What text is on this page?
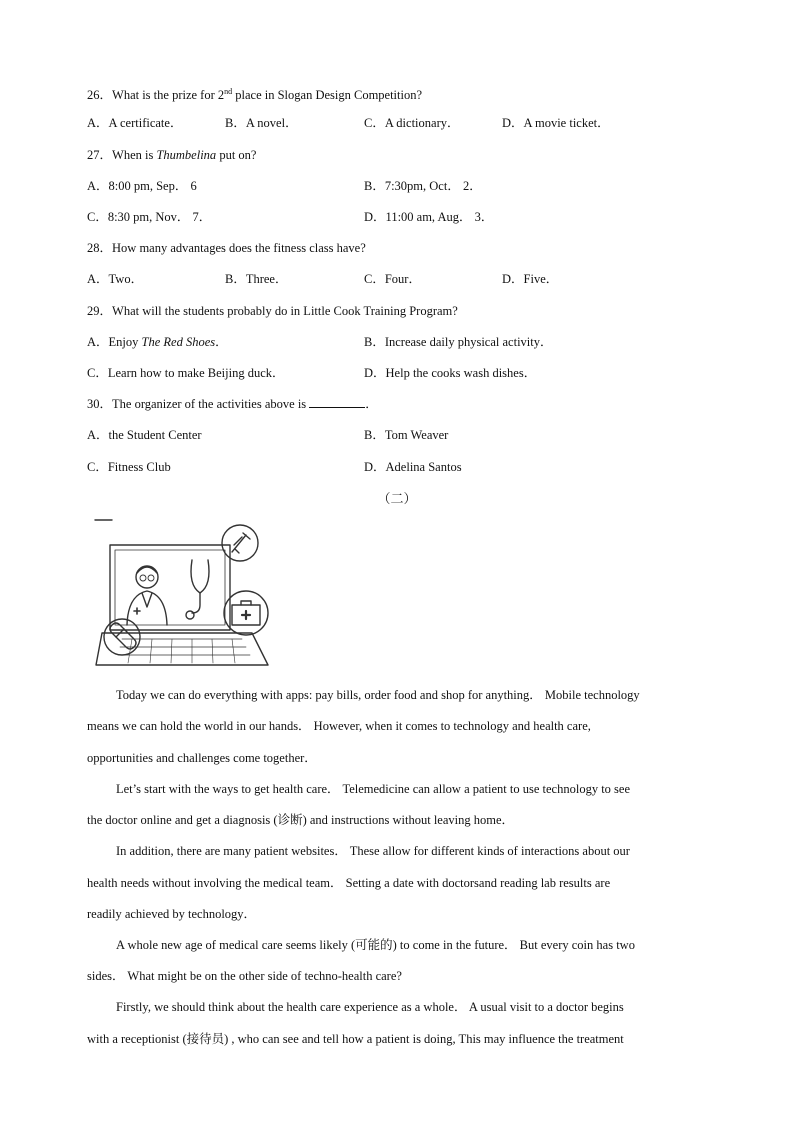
26．What is the prize for 2nd place in Slogan Design Competition?
A．A certificate．	B．A novel．	C．A dictionary．	D．A movie ticket．
27．When is Thumbelina put on?
A．8:00 pm, Sep． 6	B．7:30pm, Oct． 2．
C．8:30 pm, Nov． 7．	D．11:00 am, Aug． 3．
28．How many advantages does the fitness class have?
A．Two．	B．Three．	C．Four．	D．Five．
29．What will the students probably do in Little Cook Training Program?
A．Enjoy The Red Shoes．	B．Increase daily physical activity．
C．Learn how to make Beijing duck．	D．Help the cooks wash dishes．
30．The organizer of the activities above is	．
A．the Student Center	B．Tom Weaver
C．Fitness Club	D．Adelina Santos
（二）
Today we can do everything with apps: pay bills, order food and shop for anything． Mobile technology
means we can hold the world in our hands． However, when it comes to technology and health care,
opportunities and challenges come together．
Let’s start with the ways to get health care． Telemedicine can allow a patient to use technology to see
the doctor online and get a diagnosis (诊断) and instructions without leaving home．
In addition, there are many patient websites． These allow for different kinds of interactions about our
health needs without involving the medical team． Setting a date with doctorsand reading lab results are
readily achieved by technology．
A whole new age of medical care seems likely (可能的) to come in the future． But every coin has two
sides． What might be on the other side of techno-health care?
Firstly, we should think about the health care experience as a whole． A usual visit to a doctor begins
with a receptionist (接待员) , who can see and tell how a patient is doing, This may influence the treatment
